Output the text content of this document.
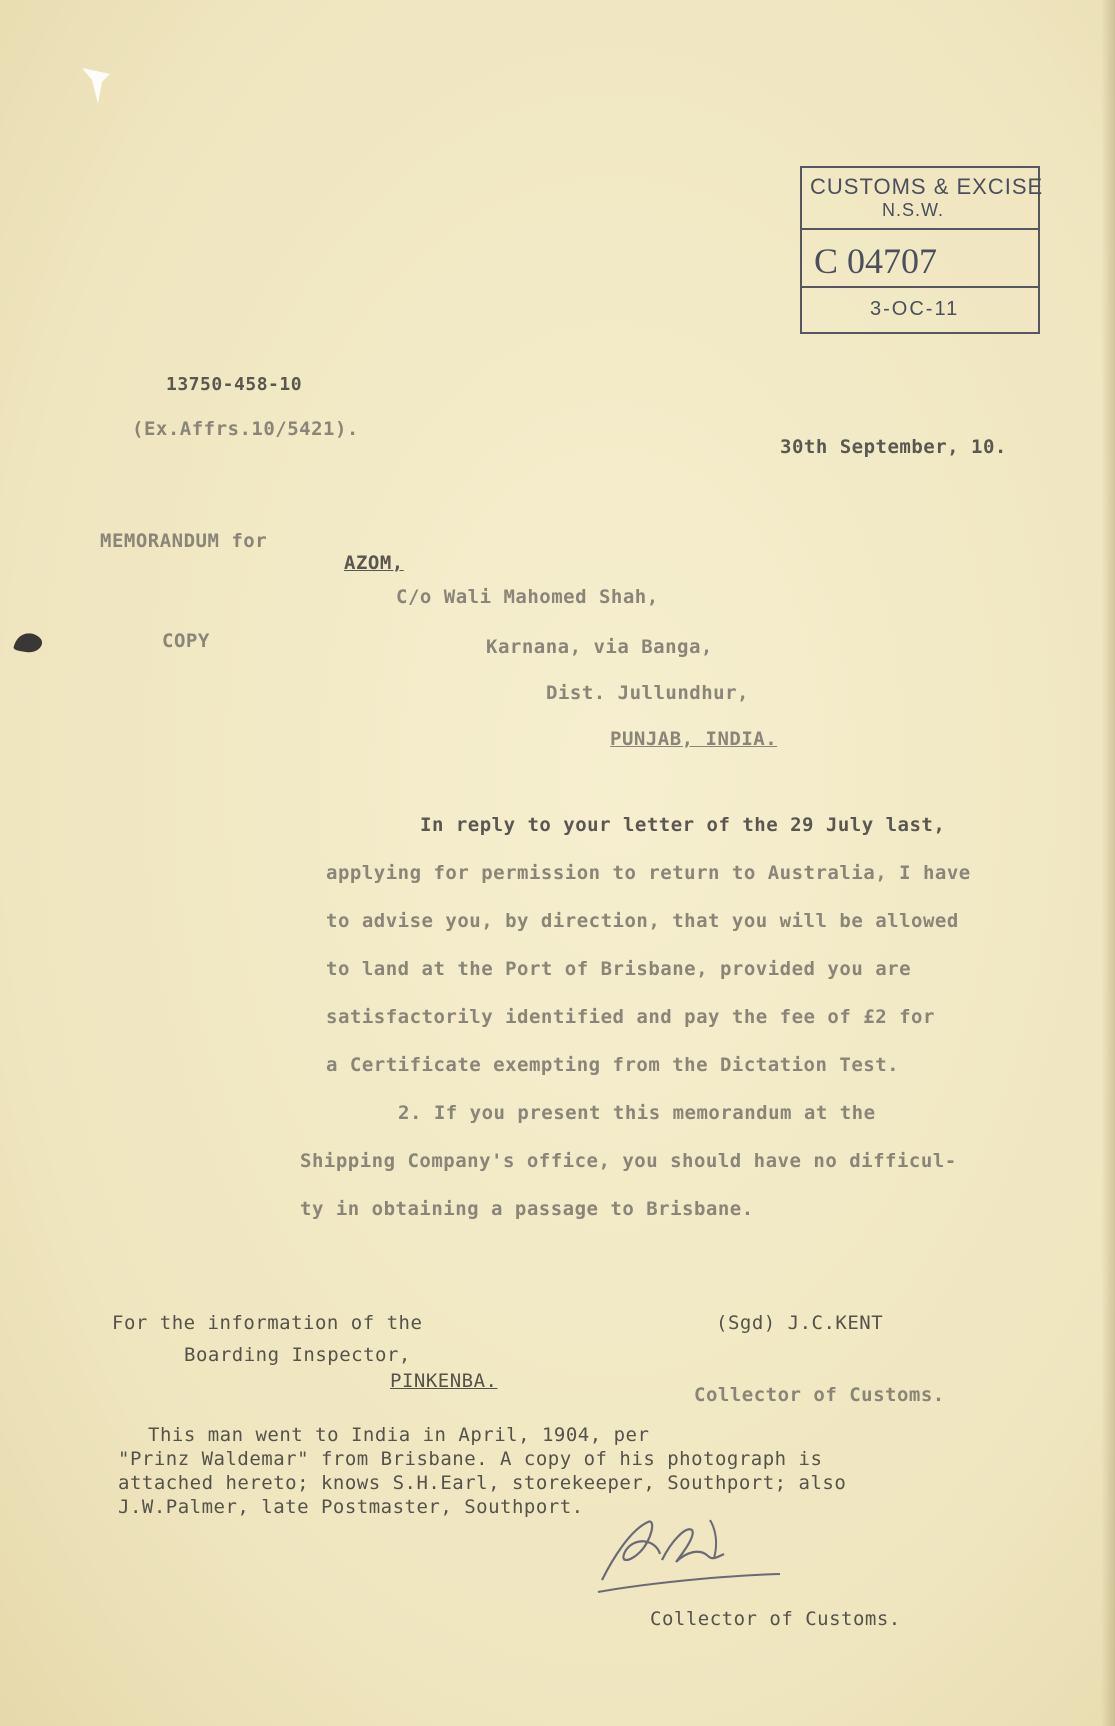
CUSTOMS & EXCISE
N.S.W.
C 04707
3-OC-11
13750-458-10
(Ex.Affrs.10/5421).
30th September, 10.
MEMORANDUM for
AZOM,
C/o Wali Mahomed Shah,
COPY	Karnana, via Banga,
Dist. Jullundhur,
PUNJAB, INDIA.
In reply to your letter of the 29 July last,
applying for permission to return to Australia, I have
to advise you, by direction, that you will be allowed
to land at the Port of Brisbane, provided you are
satisfactorily identified and pay the fee of £2 for
a Certificate exempting from the Dictation Test.
2. If you present this memorandum at the
Shipping Company's office, you should have no difficul-
ty in obtaining a passage to Brisbane.
For the information of the
Boarding Inspector,
PINKENBA.
(Sgd) J.C.KENT
Collector of Customs.
This man went to India in April, 1904, per
"Prinz Waldemar" from Brisbane. A copy of his photograph is
attached hereto; knows S.H.Earl, storekeeper, Southport; also
J.W.Palmer, late Postmaster, Southport.
Collector of Customs.
